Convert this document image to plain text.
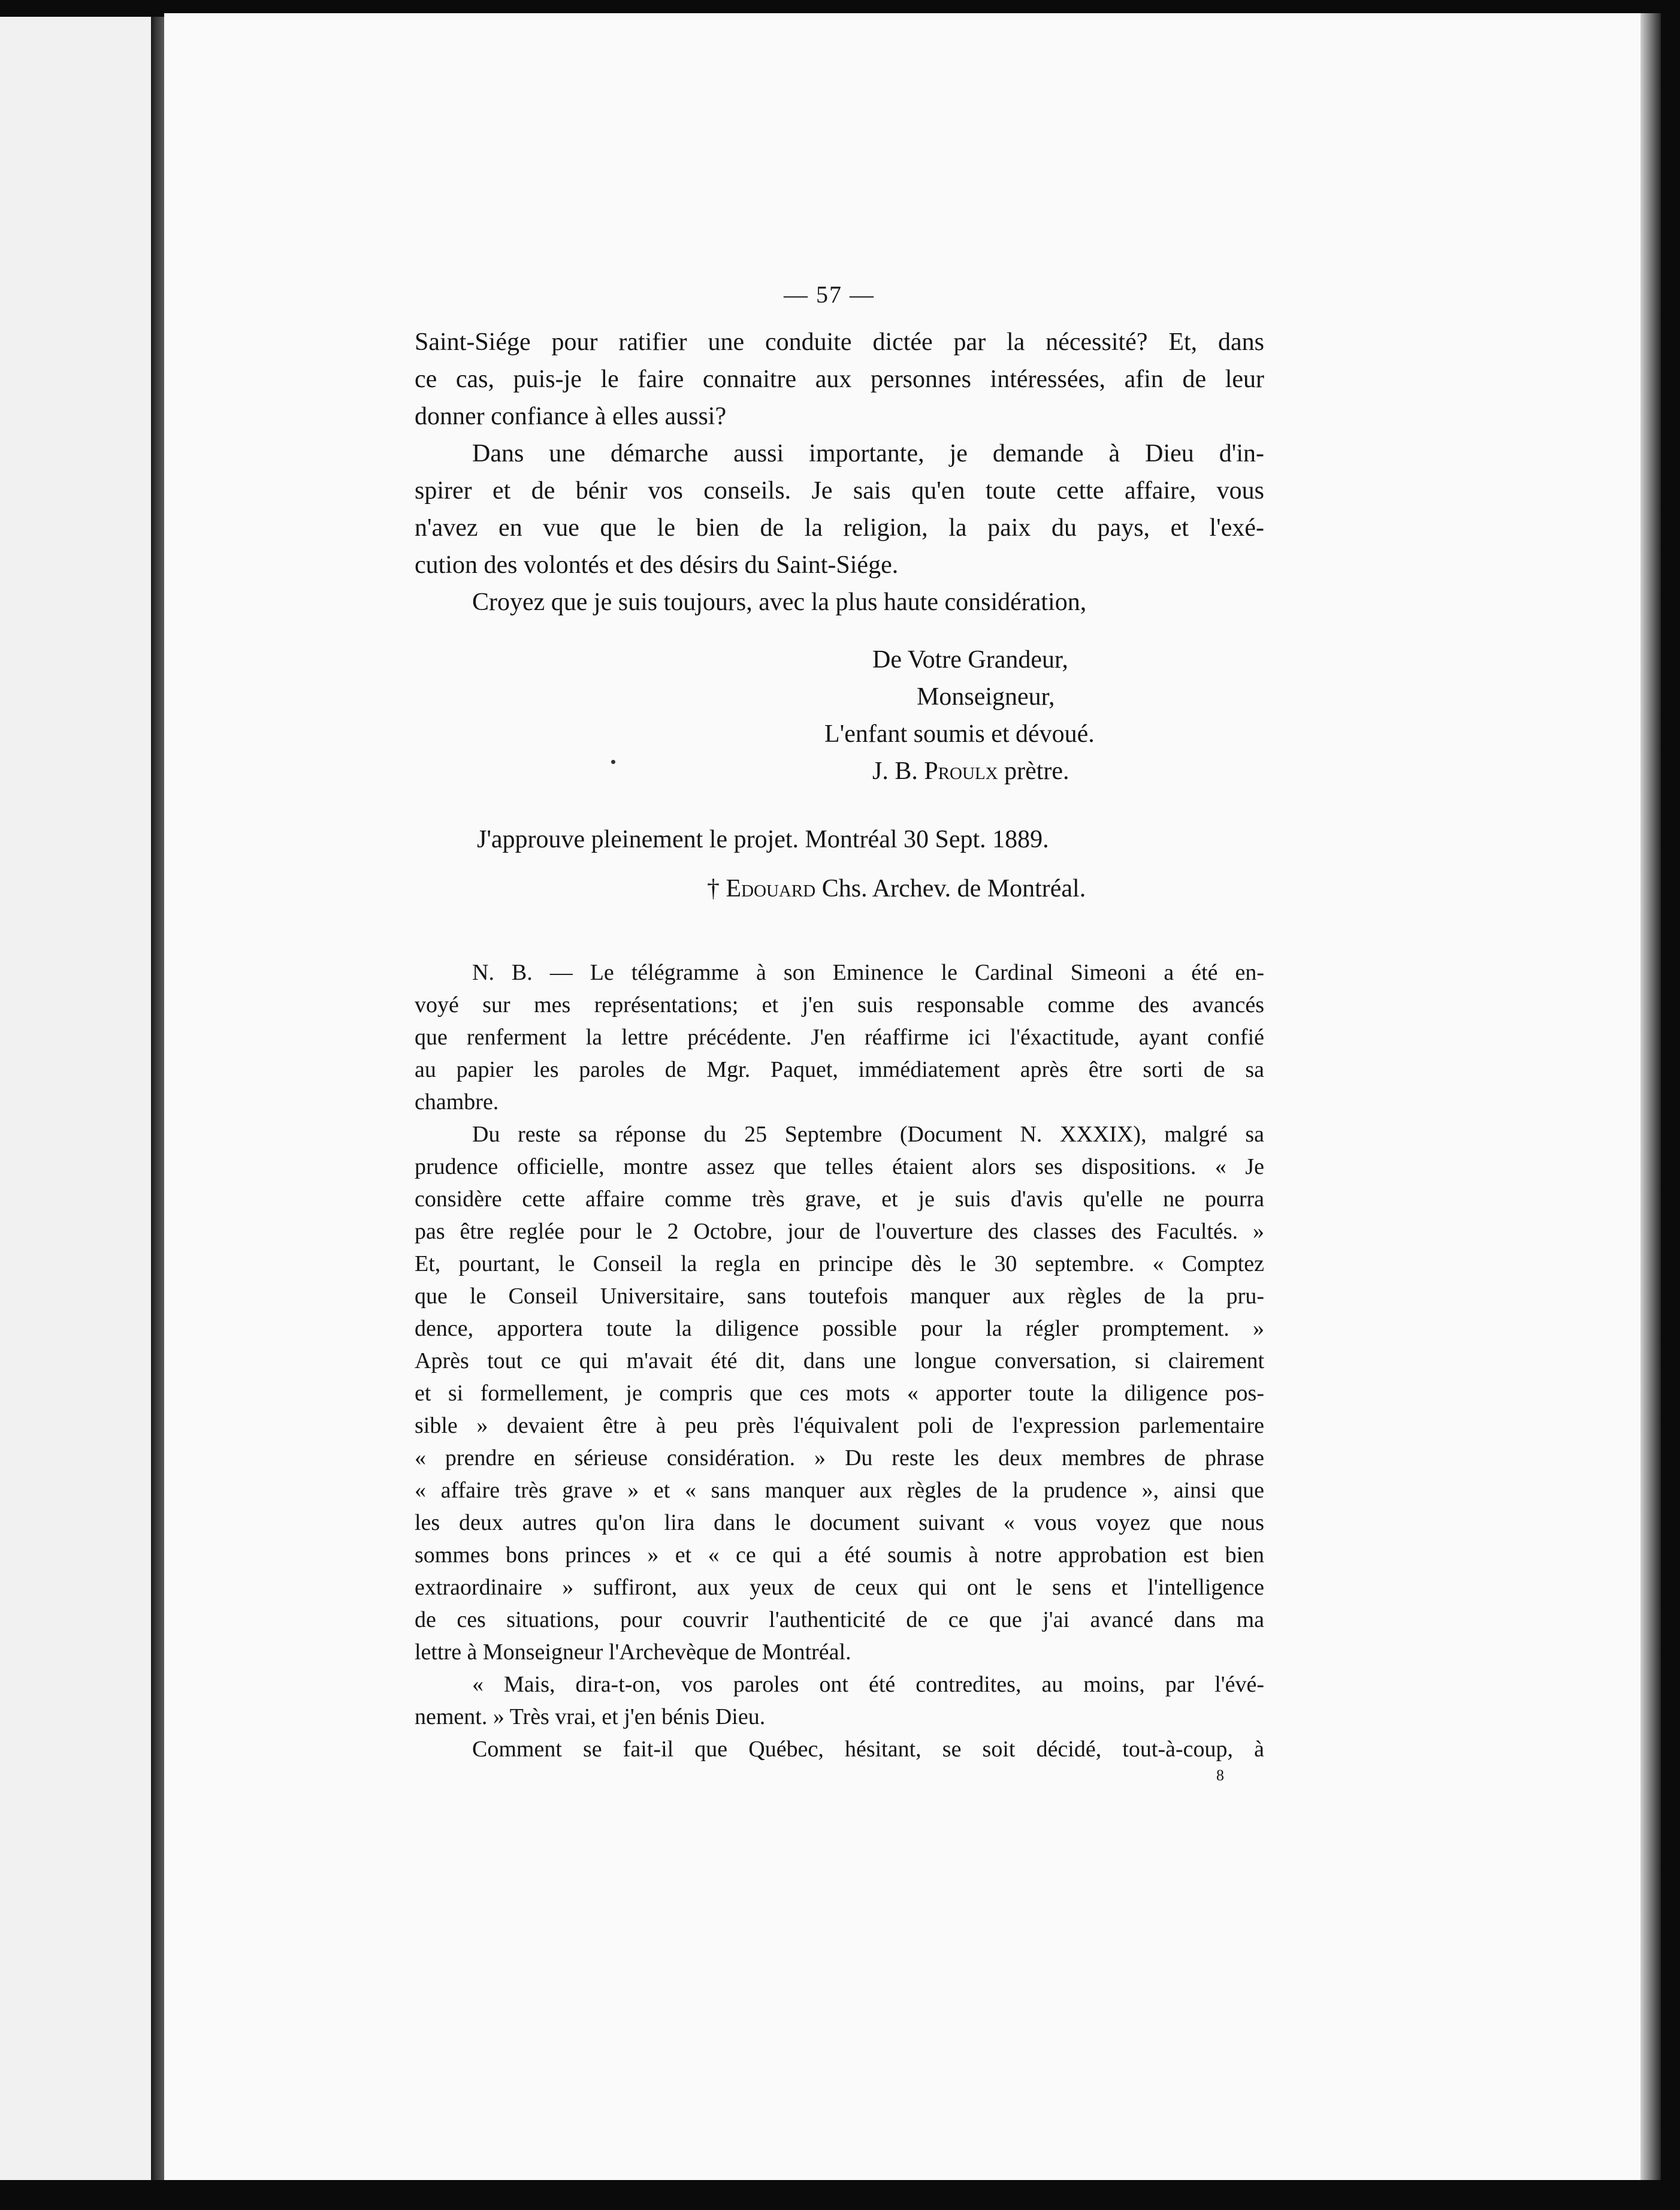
— 57 —

Saint-Siége pour ratifier une conduite dictée par la nécessité? Et, dans

ce cas, puis-je le faire connaitre aux personnes intéressées, afin de leur

donner confiance à elles aussi?

Dans une démarche aussi importante, je demande à Dieu d'in-

spirer et de bénir vos conseils. Je sais qu'en toute cette affaire, vous

n'avez en vue que le bien de la religion, la paix du pays, et l'exé-

cution des volontés et des désirs du Saint-Siége.

Croyez que je suis toujours, avec la plus haute considération,

De Votre Grandeur,
Monseigneur,
L'enfant soumis et dévoué.
J. B. Proulx prètre.
J'approuve pleinement le projet. Montréal 30 Sept. 1889.
† Edouard Chs. Archev. de Montréal.

N. B. — Le télégramme à son Eminence le Cardinal Simeoni a été en-

voyé sur mes représentations; et j'en suis responsable comme des avancés

que renferment la lettre précédente. J'en réaffirme ici l'éxactitude, ayant confié

au papier les paroles de Mgr. Paquet, immédiatement après être sorti de sa

chambre.

Du reste sa réponse du 25 Septembre (Document N. XXXIX), malgré sa

prudence officielle, montre assez que telles étaient alors ses dispositions. « Je

considère cette affaire comme très grave, et je suis d'avis qu'elle ne pourra

pas être reglée pour le 2 Octobre, jour de l'ouverture des classes des Facultés. »

Et, pourtant, le Conseil la regla en principe dès le 30 septembre. « Comptez

que le Conseil Universitaire, sans toutefois manquer aux règles de la pru-

dence, apportera toute la diligence possible pour la régler promptement. »

Après tout ce qui m'avait été dit, dans une longue conversation, si clairement

et si formellement, je compris que ces mots « apporter toute la diligence pos-

sible » devaient être à peu près l'équivalent poli de l'expression parlementaire

« prendre en sérieuse considération. » Du reste les deux membres de phrase

« affaire très grave » et « sans manquer aux règles de la prudence », ainsi que

les deux autres qu'on lira dans le document suivant « vous voyez que nous

sommes bons princes » et « ce qui a été soumis à notre approbation est bien

extraordinaire » suffiront, aux yeux de ceux qui ont le sens et l'intelligence

de ces situations, pour couvrir l'authenticité de ce que j'ai avancé dans ma

lettre à Monseigneur l'Archevèque de Montréal.

« Mais, dira-t-on, vos paroles ont été contredites, au moins, par l'évé-

nement. » Très vrai, et j'en bénis Dieu.

Comment se fait-il que Québec, hésitant, se soit décidé, tout-à-coup, à

8
